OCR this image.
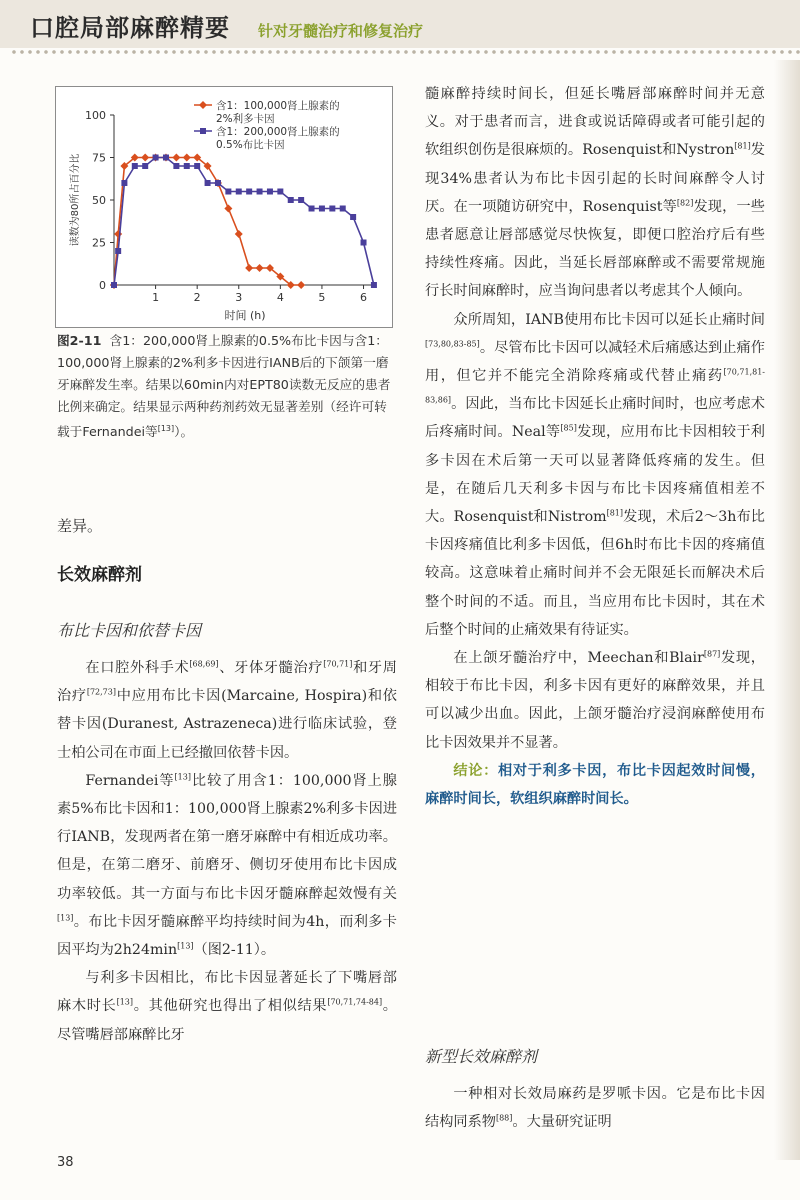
口腔局部麻醉精要 针对牙髓治疗和修复治疗
0
25
50
75
100
1	2	3	4	5	6
时间 (h)
读数为80所占百分比
含1：100,000肾上腺素的 2%利多卡因
含1：200,000肾上腺素的 0.5%布比卡因
图2-11 含1：200,000肾上腺素的0.5%布比卡因与含1：100,000肾上腺素的2%利多卡因进行IANB后的下颌第一磨牙麻醉发生率。结果以60min内对EPT80读数无反应的患者比例来确定。结果显示两种药剂药效无显著差别（经许可转载于Fernandei等[13]）。

差异。

长效麻醉剂
布比卡因和依替卡因

在口腔外科手术[68,69]、牙体牙髓治疗[70,71]和牙周治疗[72,73]中应用布比卡因(Marcaine, Hospira)和依替卡因(Duranest, Astrazeneca)进行临床试验，登士柏公司在市面上已经撤回依替卡因。

Fernandei等[13]比较了用含1：100,000肾上腺素5%布比卡因和1：100,000肾上腺素2%利多卡因进行IANB，发现两者在第一磨牙麻醉中有相近成功率。但是，在第二磨牙、前磨牙、侧切牙使用布比卡因成功率较低。其一方面与布比卡因牙髓麻醉起效慢有关[13]。布比卡因牙髓麻醉平均持续时间为4h，而利多卡因平均为2h24min[13]（图2-11）。

与利多卡因相比，布比卡因显著延长了下嘴唇部麻木时长[13]。其他研究也得出了相似结果[70,71,74-84]。尽管嘴唇部麻醉比牙

髓麻醉持续时间长，但延长嘴唇部麻醉时间并无意义。对于患者而言，进食或说话障碍或者可能引起的软组织创伤是很麻烦的。Rosenquist和Nystron[81]发现34%患者认为布比卡因引起的长时间麻醉令人讨厌。在一项随访研究中，Rosenquist等[82]发现，一些患者愿意让唇部感觉尽快恢复，即便口腔治疗后有些持续性疼痛。因此，当延长唇部麻醉或不需要常规施行长时间麻醉时，应当询问患者以考虑其个人倾向。

众所周知，IANB使用布比卡因可以延长止痛时间[73,80,83-85]。尽管布比卡因可以减轻术后痛感达到止痛作用，但它并不能完全消除疼痛或代替止痛药[70,71,81-83,86]。因此，当布比卡因延长止痛时间时，也应考虑术后疼痛时间。Neal等[85]发现，应用布比卡因相较于利多卡因在术后第一天可以显著降低疼痛的发生。但是，在随后几天利多卡因与布比卡因疼痛值相差不大。Rosenquist和Nistrom[81]发现，术后2～3h布比卡因疼痛值比利多卡因低，但6h时布比卡因的疼痛值较高。这意味着止痛时间并不会无限延长而解决术后整个时间的不适。而且，当应用布比卡因时，其在术后整个时间的止痛效果有待证实。

在上颌牙髓治疗中，Meechan和Blair[87]发现，相较于布比卡因，利多卡因有更好的麻醉效果，并且可以减少出血。因此，上颌牙髓治疗浸润麻醉使用布比卡因效果并不显著。

结论：相对于利多卡因，布比卡因起效时间慢，麻醉时间长，软组织麻醉时间长。

新型长效麻醉剂

一种相对长效局麻药是罗哌卡因。它是布比卡因结构同系物[88]。大量研究证明

38
